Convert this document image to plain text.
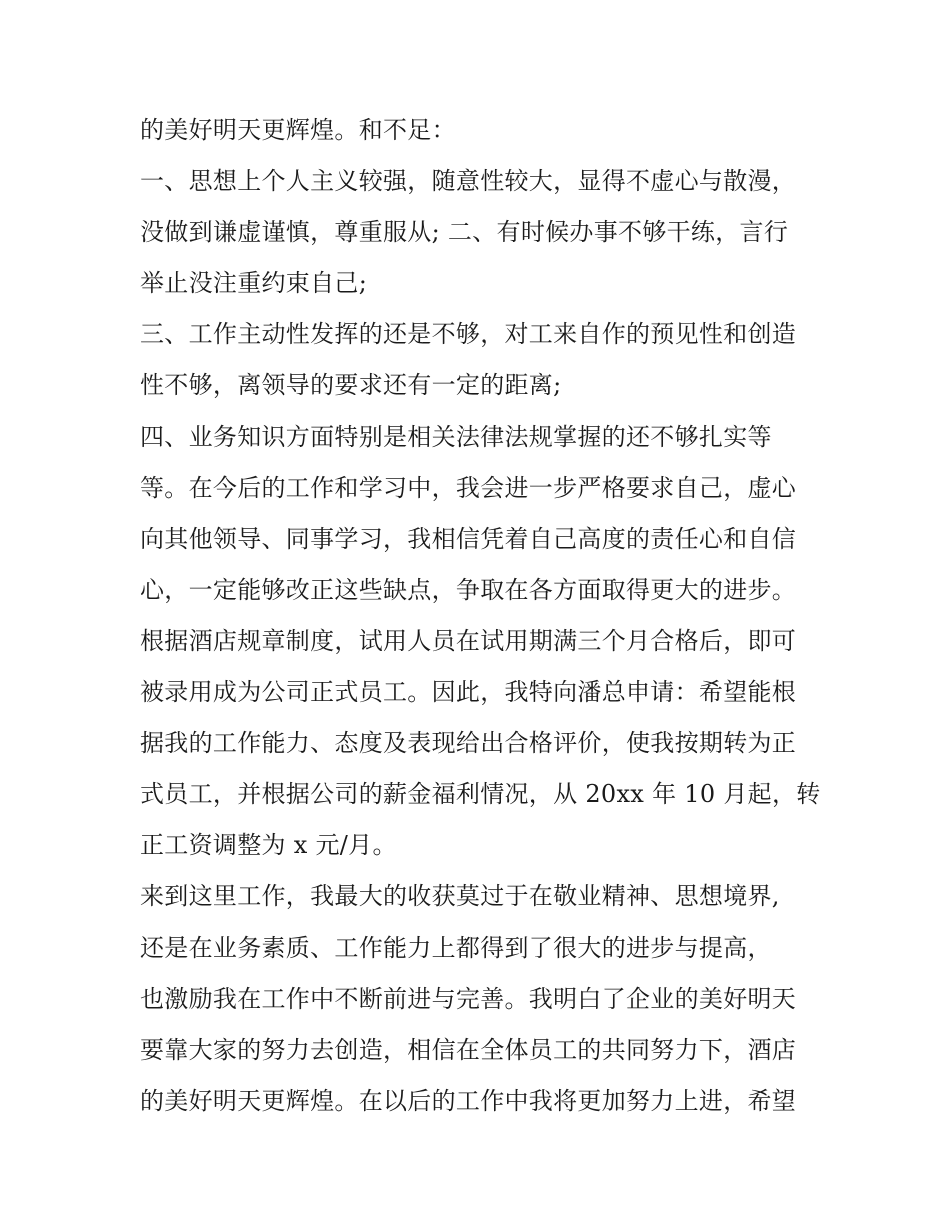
的美好明天更辉煌。和不足：
一、思想上个人主义较强，随意性较大，显得不虚心与散漫，
没做到谦虚谨慎，尊重服从; 二、有时候办事不够干练，言行
举止没注重约束自己;
三、工作主动性发挥的还是不够，对工来自作的预见性和创造
性不够，离领导的要求还有一定的距离;
四、业务知识方面特别是相关法律法规掌握的还不够扎实等
等。在今后的工作和学习中，我会进一步严格要求自己，虚心
向其他领导、同事学习，我相信凭着自己高度的责任心和自信
心，一定能够改正这些缺点，争取在各方面取得更大的进步。
根据酒店规章制度，试用人员在试用期满三个月合格后，即可
被录用成为公司正式员工。因此，我特向潘总申请：希望能根
据我的工作能力、态度及表现给出合格评价，使我按期转为正
式员工，并根据公司的薪金福利情况，从 20xx 年 10 月起，转
正工资调整为 x 元/月。
来到这里工作，我最大的收获莫过于在敬业精神、思想境界,
还是在业务素质、工作能力上都得到了很大的进步与提高，
也激励我在工作中不断前进与完善。我明白了企业的美好明天
要靠大家的努力去创造，相信在全体员工的共同努力下，酒店
的美好明天更辉煌。在以后的工作中我将更加努力上进，希望
